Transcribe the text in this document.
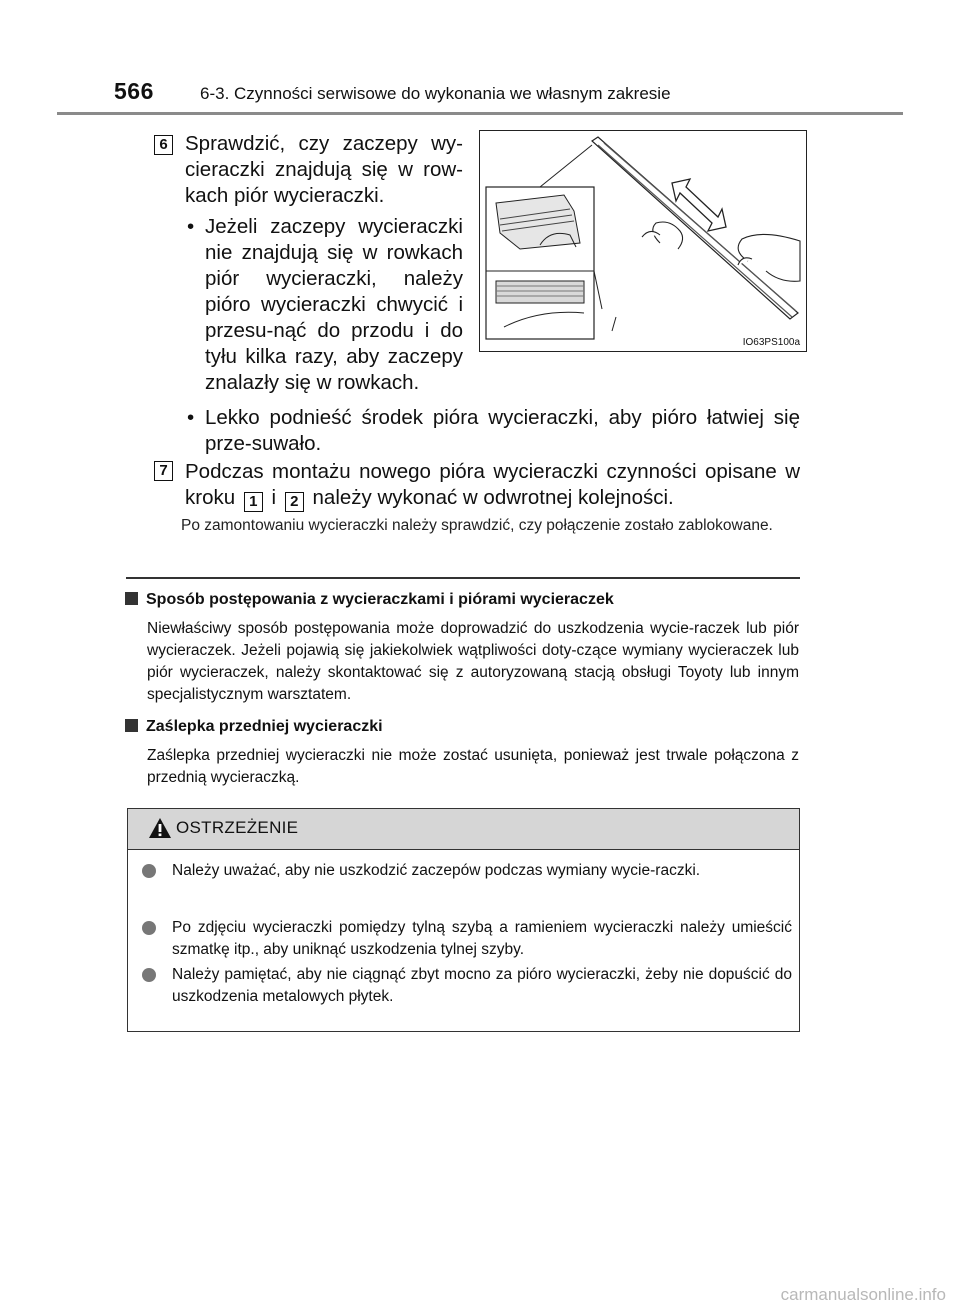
566	6-3. Czynności serwisowe do wykonania we własnym zakresie
6 Sprawdzić, czy zaczepy wy-cieraczki znajdują się w row-kach piór wycieraczki.
• Jeżeli zaczepy wycieraczki nie znajdują się w rowkach piór wycieraczki, należy pióro wycieraczki chwycić i przesu-nąć do przodu i do tyłu kilka razy, aby zaczepy znalazły się w rowkach.
IO63PS100a
• Lekko podnieść środek pióra wycieraczki, aby pióro łatwiej się prze-suwało.
7 Podczas montażu nowego pióra wycieraczki czynności opisane w kroku 1 i 2 należy wykonać w odwrotnej kolejności.
Po zamontowaniu wycieraczki należy sprawdzić, czy połączenie zostało zablokowane.
Sposób postępowania z wycieraczkami i piórami wycieraczek
Niewłaściwy sposób postępowania może doprowadzić do uszkodzenia wycie-raczek lub piór wycieraczek. Jeżeli pojawią się jakiekolwiek wątpliwości doty-czące wymiany wycieraczek lub piór wycieraczek, należy skontaktować się z autoryzowaną stacją obsługi Toyoty lub innym specjalistycznym warsztatem.
Zaślepka przedniej wycieraczki
Zaślepka przedniej wycieraczki nie może zostać usunięta, ponieważ jest trwale połączona z przednią wycieraczką.
OSTRZEŻENIE
Należy uważać, aby nie uszkodzić zaczepów podczas wymiany wycie-raczki.
Po zdjęciu wycieraczki pomiędzy tylną szybą a ramieniem wycieraczki należy umieścić szmatkę itp., aby uniknąć uszkodzenia tylnej szyby.
Należy pamiętać, aby nie ciągnąć zbyt mocno za pióro wycieraczki, żeby nie dopuścić do uszkodzenia metalowych płytek.
carmanualsonline.info
